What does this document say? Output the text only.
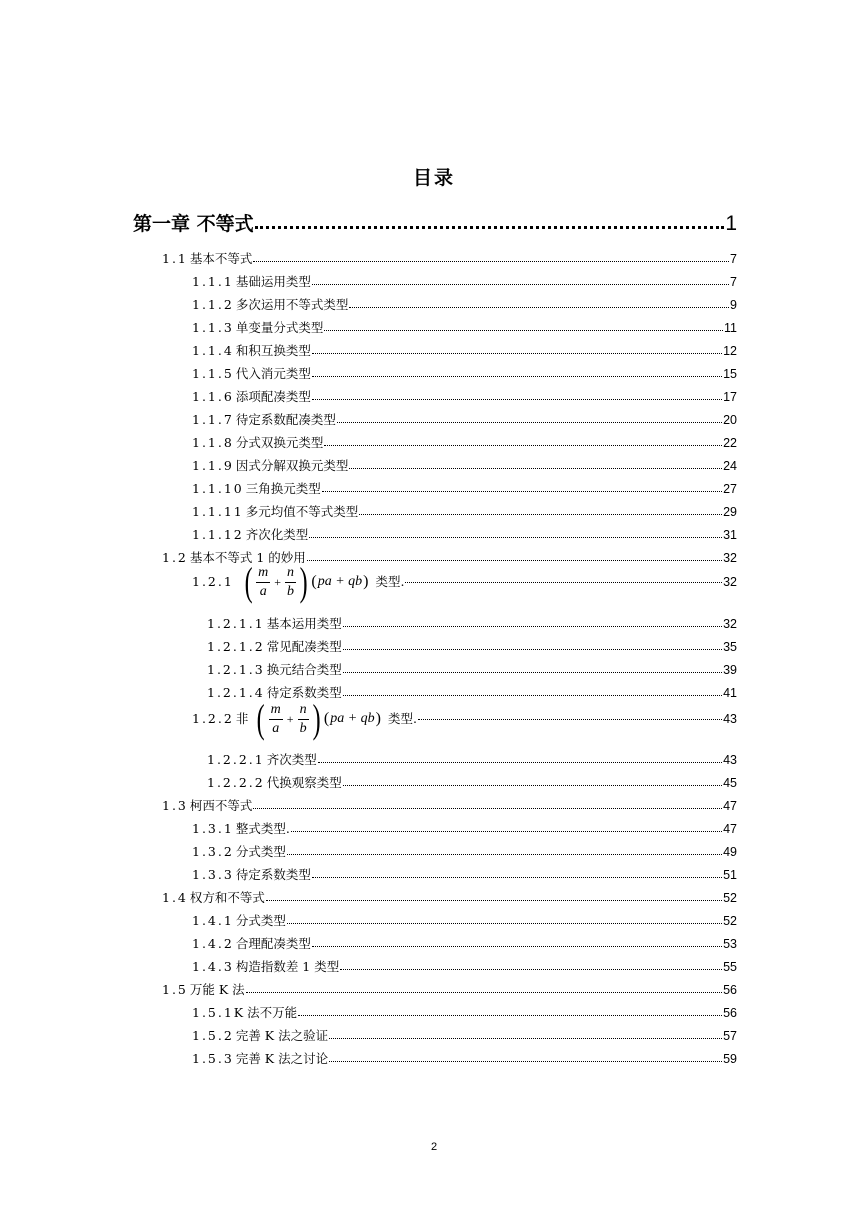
目录
第一章 不等式	1
1.1 基本不等式	7
1.1.1 基础运用类型	7
1.1.2 多次运用不等式类型	9
1.1.3 单变量分式类型	11
1.1.4 和积互换类型	12
1.1.5 代入消元类型	15
1.1.6 添项配凑类型	17
1.1.7 待定系数配凑类型	20
1.1.8 分式双换元类型	22
1.1.9 因式分解双换元类型	24
1.1.10 三角换元类型	27
1.1.11 多元均值不等式类型	29
1.1.12 齐次化类型	31
1.2 基本不等式 1 的妙用	32
1.2.1 ( $\frac{m}{a} + \frac{n}{b}$ ) ( pa + qb ) 类型.	32
1.2.1.1 基本运用类型	32
1.2.1.2 常见配凑类型	35
1.2.1.3 换元结合类型	39
1.2.1.4 待定系数类型	41
1.2.2 非 ( $\frac{m}{a} + \frac{n}{b}$ ) ( pa + qb ) 类型.	43
1.2.2.1 齐次类型	43
1.2.2.2 代换观察类型	45
1.3 柯西不等式	47
1.3.1 整式类型.	47
1.3.2 分式类型	49
1.3.3 待定系数类型	51
1.4 权方和不等式	52
1.4.1 分式类型	52
1.4.2 合理配凑类型	53
1.4.3 构造指数差 1 类型	55
1.5 万能 K 法	56
1.5.1K 法不万能	56
1.5.2 完善 K 法之验证	57
1.5.3 完善 K 法之讨论	59
2
